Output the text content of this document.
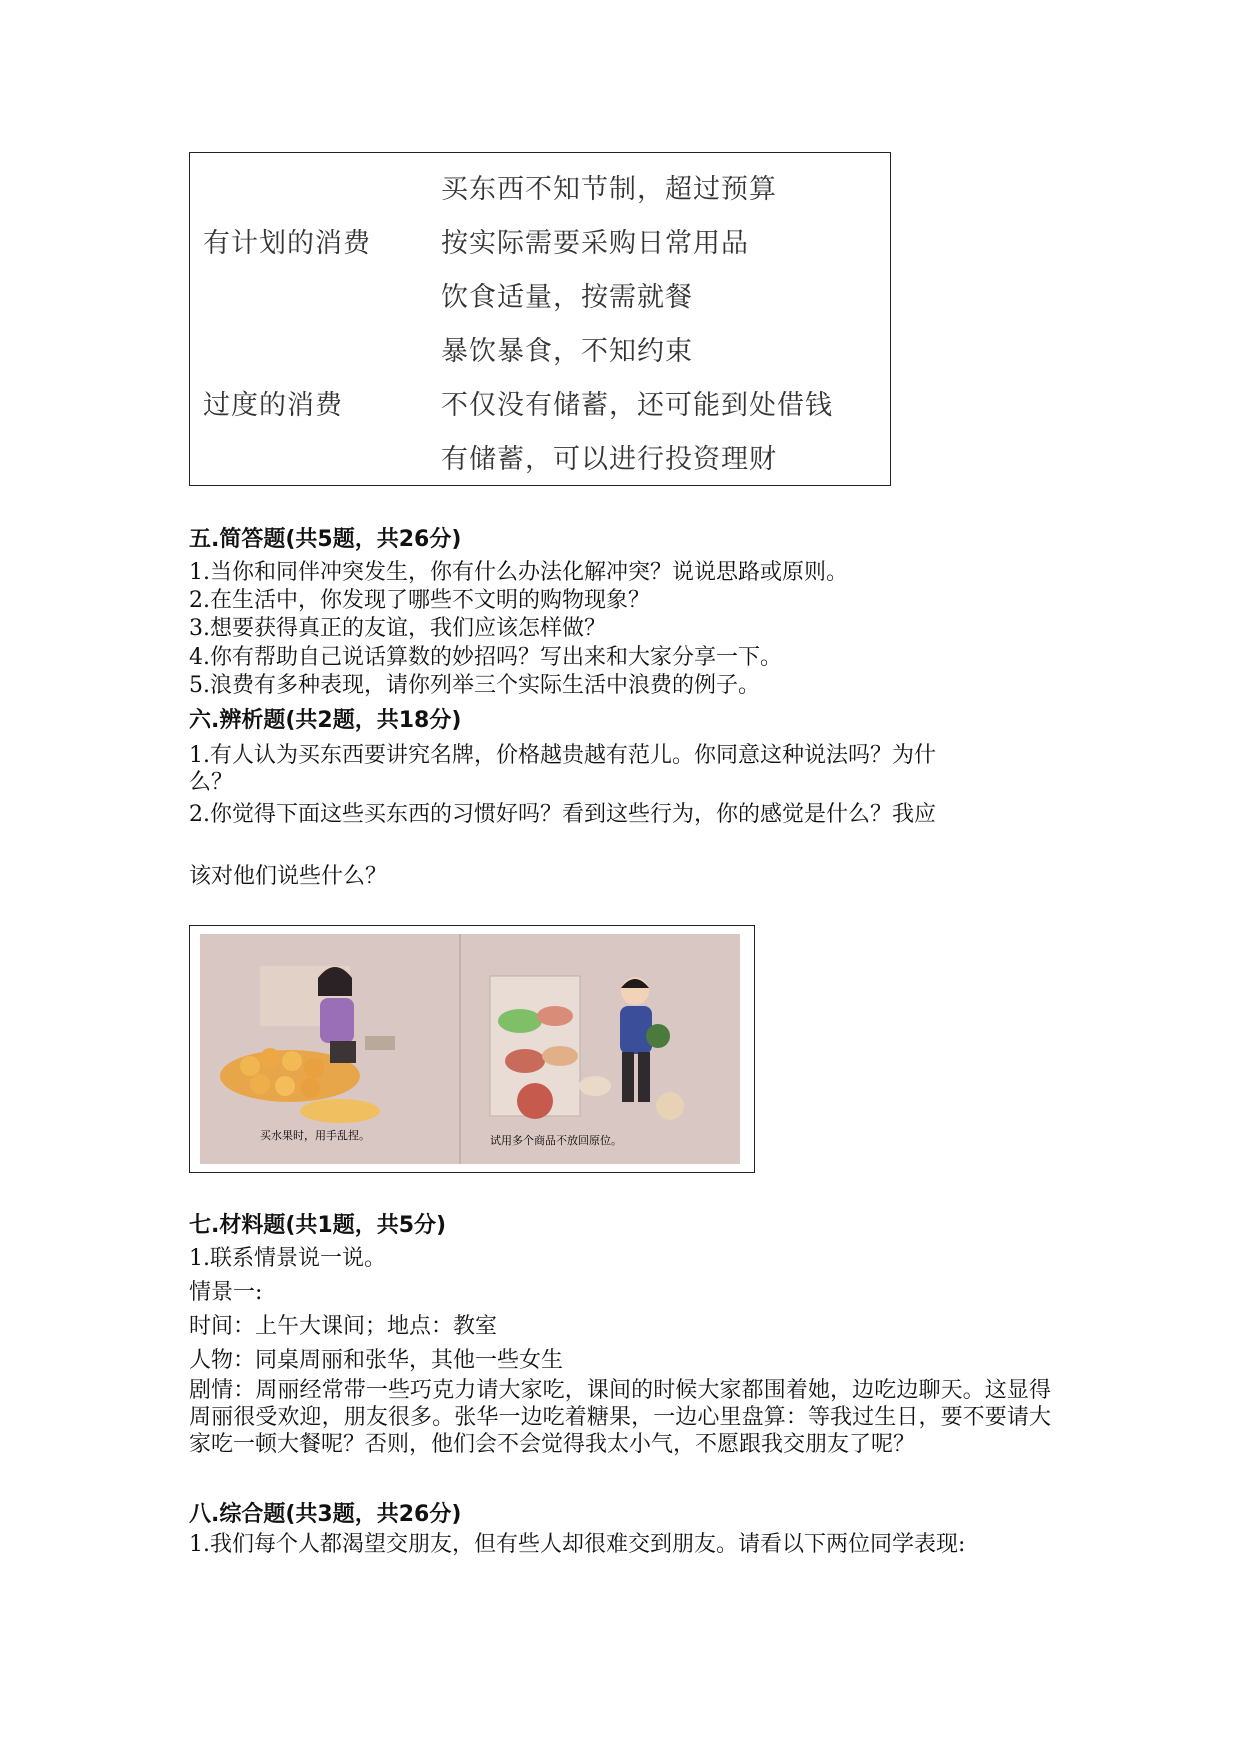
有计划的消费
过度的消费
买东西不知节制，超过预算
按实际需要采购日常用品
饮食适量，按需就餐
暴饮暴食，不知约束
不仅没有储蓄，还可能到处借钱
有储蓄，可以进行投资理财
五.简答题(共5题，共26分)
1.当你和同伴冲突发生，你有什么办法化解冲突？说说思路或原则。
2.在生活中，你发现了哪些不文明的购物现象？
3.想要获得真正的友谊，我们应该怎样做？
4.你有帮助自己说话算数的妙招吗？写出来和大家分享一下。
5.浪费有多种表现，请你列举三个实际生活中浪费的例子。
六.辨析题(共2题，共18分)
1.有人认为买东西要讲究名牌，价格越贵越有范儿。你同意这种说法吗？为什
么？
2.你觉得下面这些买东西的习惯好吗？看到这些行为，你的感觉是什么？我应
该对他们说些什么？
买水果时，用手乱捏。	试用多个商品不放回原位。
七.材料题(共1题，共5分)
1.联系情景说一说。
情景一:
时间：上午大课间；地点：教室
人物：同桌周丽和张华，其他一些女生
剧情：周丽经常带一些巧克力请大家吃，课间的时候大家都围着她，边吃边聊天。这显得周丽很受欢迎，朋友很多。张华一边吃着糖果，一边心里盘算：等我过生日，要不要请大家吃一顿大餐呢？否则，他们会不会觉得我太小气，不愿跟我交朋友了呢？
八.综合题(共3题，共26分)
1.我们每个人都渴望交朋友，但有些人却很难交到朋友。请看以下两位同学表现:
